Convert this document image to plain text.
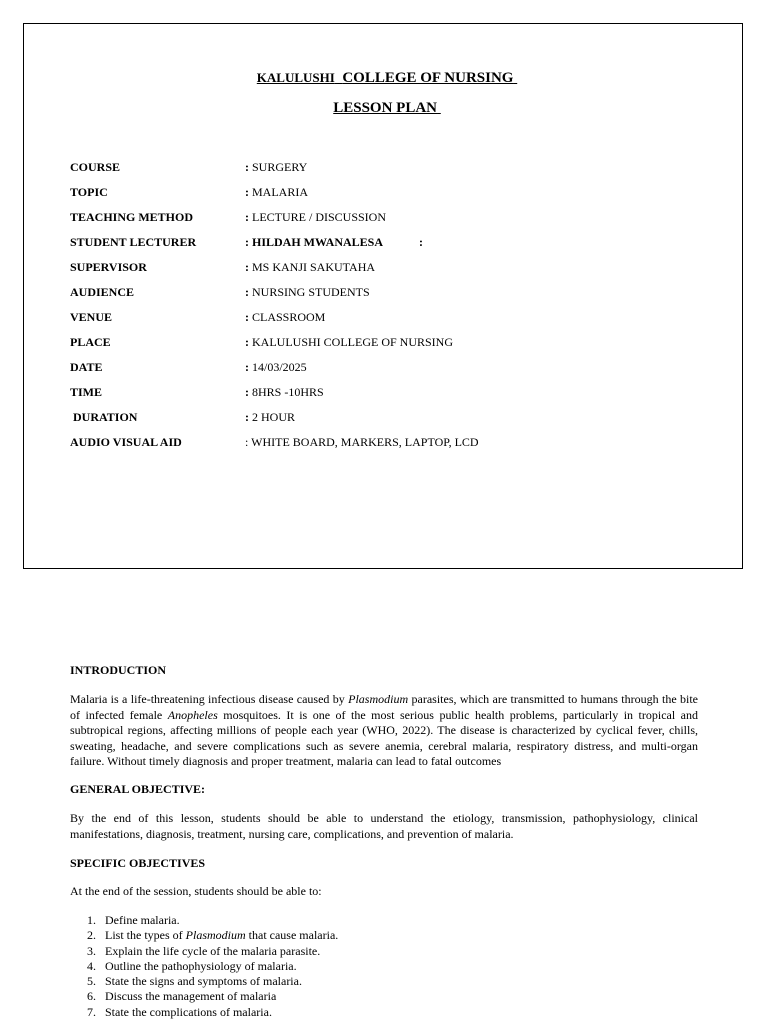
KALULUSHI COLLEGE OF NURSING
LESSON PLAN
COURSE	: SURGERY
TOPIC	: MALARIA
TEACHING METHOD	: LECTURE / DISCUSSION
STUDENT LECTURER	: HILDAH MWANALESA	:
SUPERVISOR	: MS KANJI SAKUTAHA
AUDIENCE	: NURSING STUDENTS
VENUE	: CLASSROOM
PLACE	: KALULUSHI COLLEGE OF NURSING
DATE	: 14/03/2025
TIME	: 8HRS -10HRS
DURATION	: 2 HOUR
AUDIO VISUAL AID	: WHITE BOARD, MARKERS, LAPTOP, LCD
INTRODUCTION
Malaria is a life-threatening infectious disease caused by Plasmodium parasites, which are transmitted to humans through the bite of infected female Anopheles mosquitoes. It is one of the most serious public health problems, particularly in tropical and subtropical regions, affecting millions of people each year (WHO, 2022). The disease is characterized by cyclical fever, chills, sweating, headache, and severe complications such as severe anemia, cerebral malaria, respiratory distress, and multi-organ failure. Without timely diagnosis and proper treatment, malaria can lead to fatal outcomes
GENERAL OBJECTIVE:
By the end of this lesson, students should be able to understand the etiology, transmission, pathophysiology, clinical manifestations, diagnosis, treatment, nursing care, complications, and prevention of malaria.
SPECIFIC OBJECTIVES
At the end of the session, students should be able to:
1. Define malaria.
2. List the types of Plasmodium that cause malaria.
3. Explain the life cycle of the malaria parasite.
4. Outline the pathophysiology of malaria.
5. State the signs and symptoms of malaria.
6. Discuss the management of malaria
7. State the complications of malaria.
